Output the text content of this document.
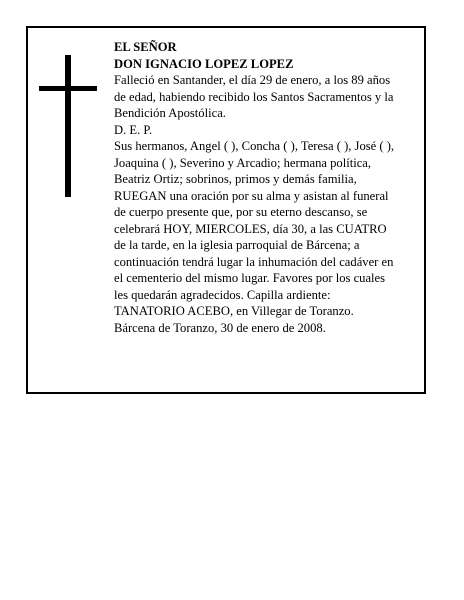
EL SEÑOR
DON IGNACIO LOPEZ LOPEZ
Falleció en Santander, el día 29 de enero, a los 89 años
de edad, habiendo recibido los Santos Sacramentos y la
Bendición Apostólica.
D. E. P.
Sus hermanos, Angel ( ), Concha ( ), Teresa ( ), José ( ),
Joaquina ( ), Severino y Arcadio; hermana política,
Beatriz Ortiz; sobrinos, primos y demás familia,
RUEGAN una oración por su alma y asistan al funeral
de cuerpo presente que, por su eterno descanso, se
celebrará HOY, MIERCOLES, día 30, a las CUATRO
de la tarde, en la iglesia parroquial de Bárcena; a
continuación tendrá lugar la inhumación del cadáver en
el cementerio del mismo lugar. Favores por los cuales
les quedarán agradecidos. Capilla ardiente:
TANATORIO ACEBO, en Villegar de Toranzo.
Bárcena de Toranzo, 30 de enero de 2008.
